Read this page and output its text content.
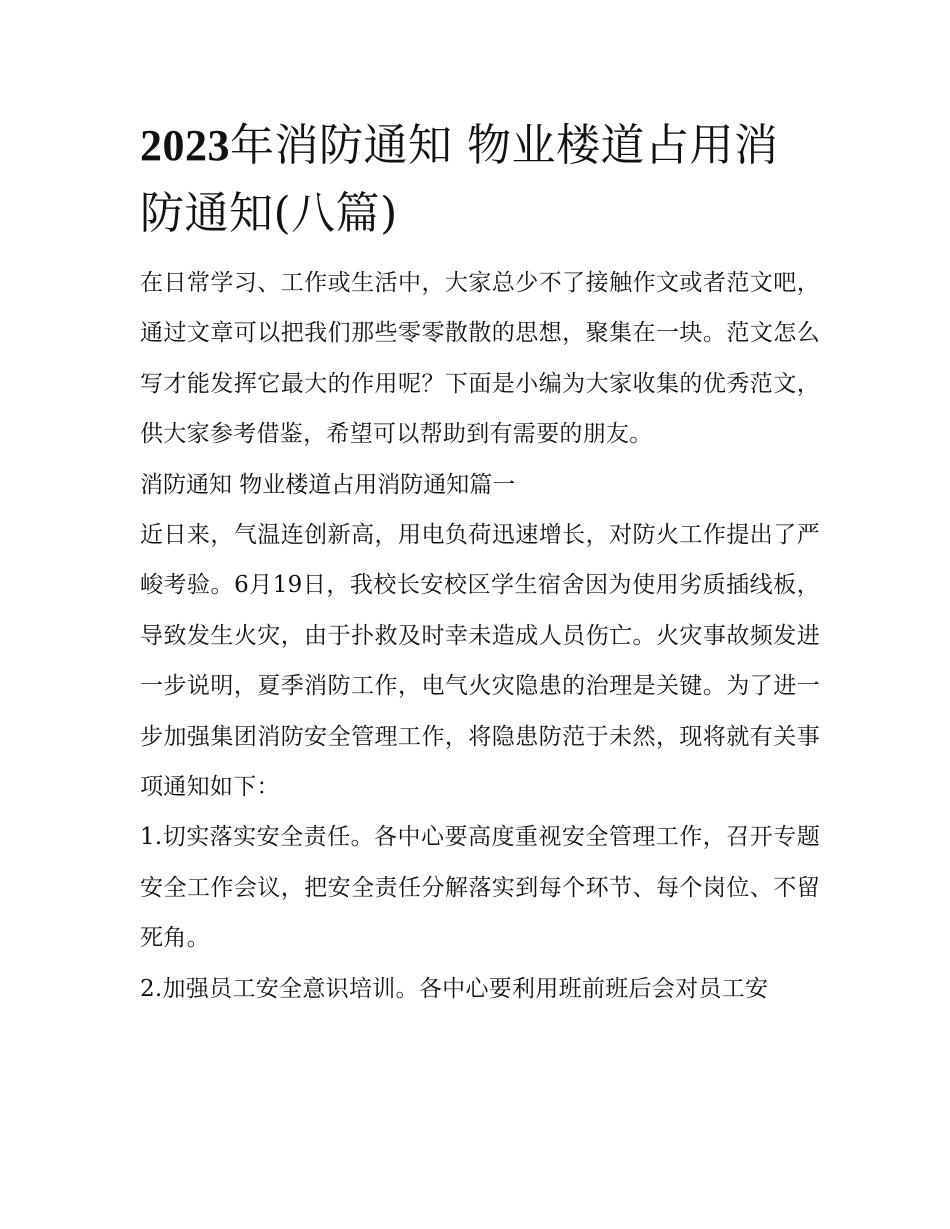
2023年消防通知 物业楼道占用消防通知(八篇)

在日常学习、工作或生活中，大家总少不了接触作文或者范文吧，通过文章可以把我们那些零零散散的思想，聚集在一块。范文怎么写才能发挥它最大的作用呢？下面是小编为大家收集的优秀范文，供大家参考借鉴，希望可以帮助到有需要的朋友。

消防通知 物业楼道占用消防通知篇一

近日来，气温连创新高，用电负荷迅速增长，对防火工作提出了严峻考验。6月19日，我校长安校区学生宿舍因为使用劣质插线板，导致发生火灾，由于扑救及时幸未造成人员伤亡。火灾事故频发进一步说明，夏季消防工作，电气火灾隐患的治理是关键。为了进一步加强集团消防安全管理工作，将隐患防范于未然，现将就有关事项通知如下：

1.切实落实安全责任。各中心要高度重视安全管理工作，召开专题安全工作会议，把安全责任分解落实到每个环节、每个岗位、不留死角。

2.加强员工安全意识培训。各中心要利用班前班后会对员工安
